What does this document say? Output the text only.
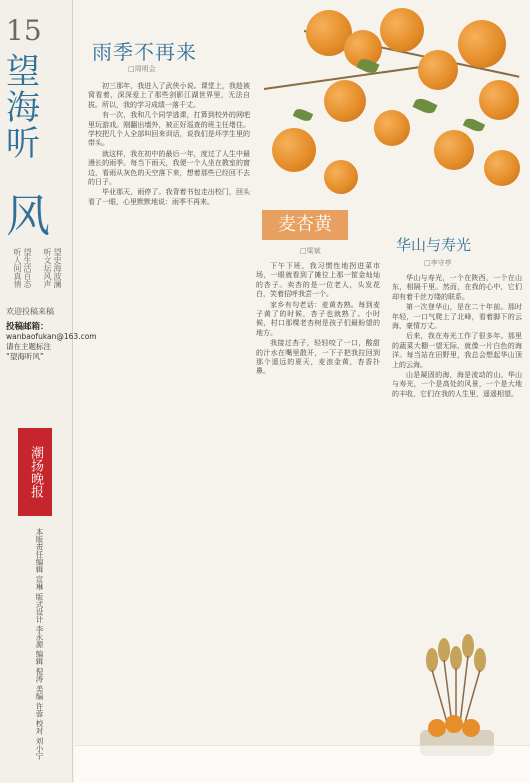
15
望
海
听
风
望史海波澜
听文坛风声
望生活百态
听人间真情
欢迎投稿来稿
投稿邮箱：
wanbaofukan@163.com
请在主题标注
“望海听风”
潮扬晚报
本版责任编辑 宣琳 版式设计 李永源 编辑 倪涛 美编 许蓉 校对 刘小宁
雨季不再来
□周明会

初三那年，我进入了武侠小说。课堂上，我趁被窝看着，深深爱上了那些剑影江湖世界里，无法自拔。所以，我的学习成绩一落千丈。

有一次，我和几个同学逃课，打算到校外的网吧里玩游戏。刚翻出墙外，被正好巡查的班主任堵住。学校把几个人全部叫回来训话，说我们是坏学生里的带头。

就这样，我在初中的最后一年，度过了人生中最漫长的雨季。每当下雨天，我便一个人坐在教室的窗边，看雨从灰色的天空落下来，想着那些已经回不去的日子。

毕业那天，雨停了。我背着书包走出校门，回头看了一眼，心里默默地说：雨季不再来。

麦杏黄
□梁斌

下午下班，我习惯性地拐进菜市场，一眼就看到了摊位上那一筐金灿灿的杏子。卖杏的是一位老人，头发花白，笑着招呼我尝一个。

家乡有句老话：麦黄杏熟。每到麦子黄了的时候，杏子也就熟了。小时候，村口那棵老杏树是孩子们最盼望的地方。

我接过杏子，轻轻咬了一口，酸甜的汁水在嘴里散开，一下子把我拉回到那个遥远的夏天，麦浪金黄，杏香扑鼻。

华山与寿光
□李守亭

华山与寿光，一个在陕西，一个在山东，相隔千里。然而，在我的心中，它们却有着千丝万缕的联系。

第一次登华山，是在二十年前。那时年轻，一口气爬上了北峰，看着脚下的云海，豪情万丈。

后来，我在寿光工作了很多年。那里的蔬菜大棚一望无际，就像一片白色的海洋。每当站在田野里，我总会想起华山顶上的云海。

山是凝固的海，海是流动的山。华山与寿光，一个是高处的风景，一个是大地的丰收，它们在我的人生里，遥遥相望。
